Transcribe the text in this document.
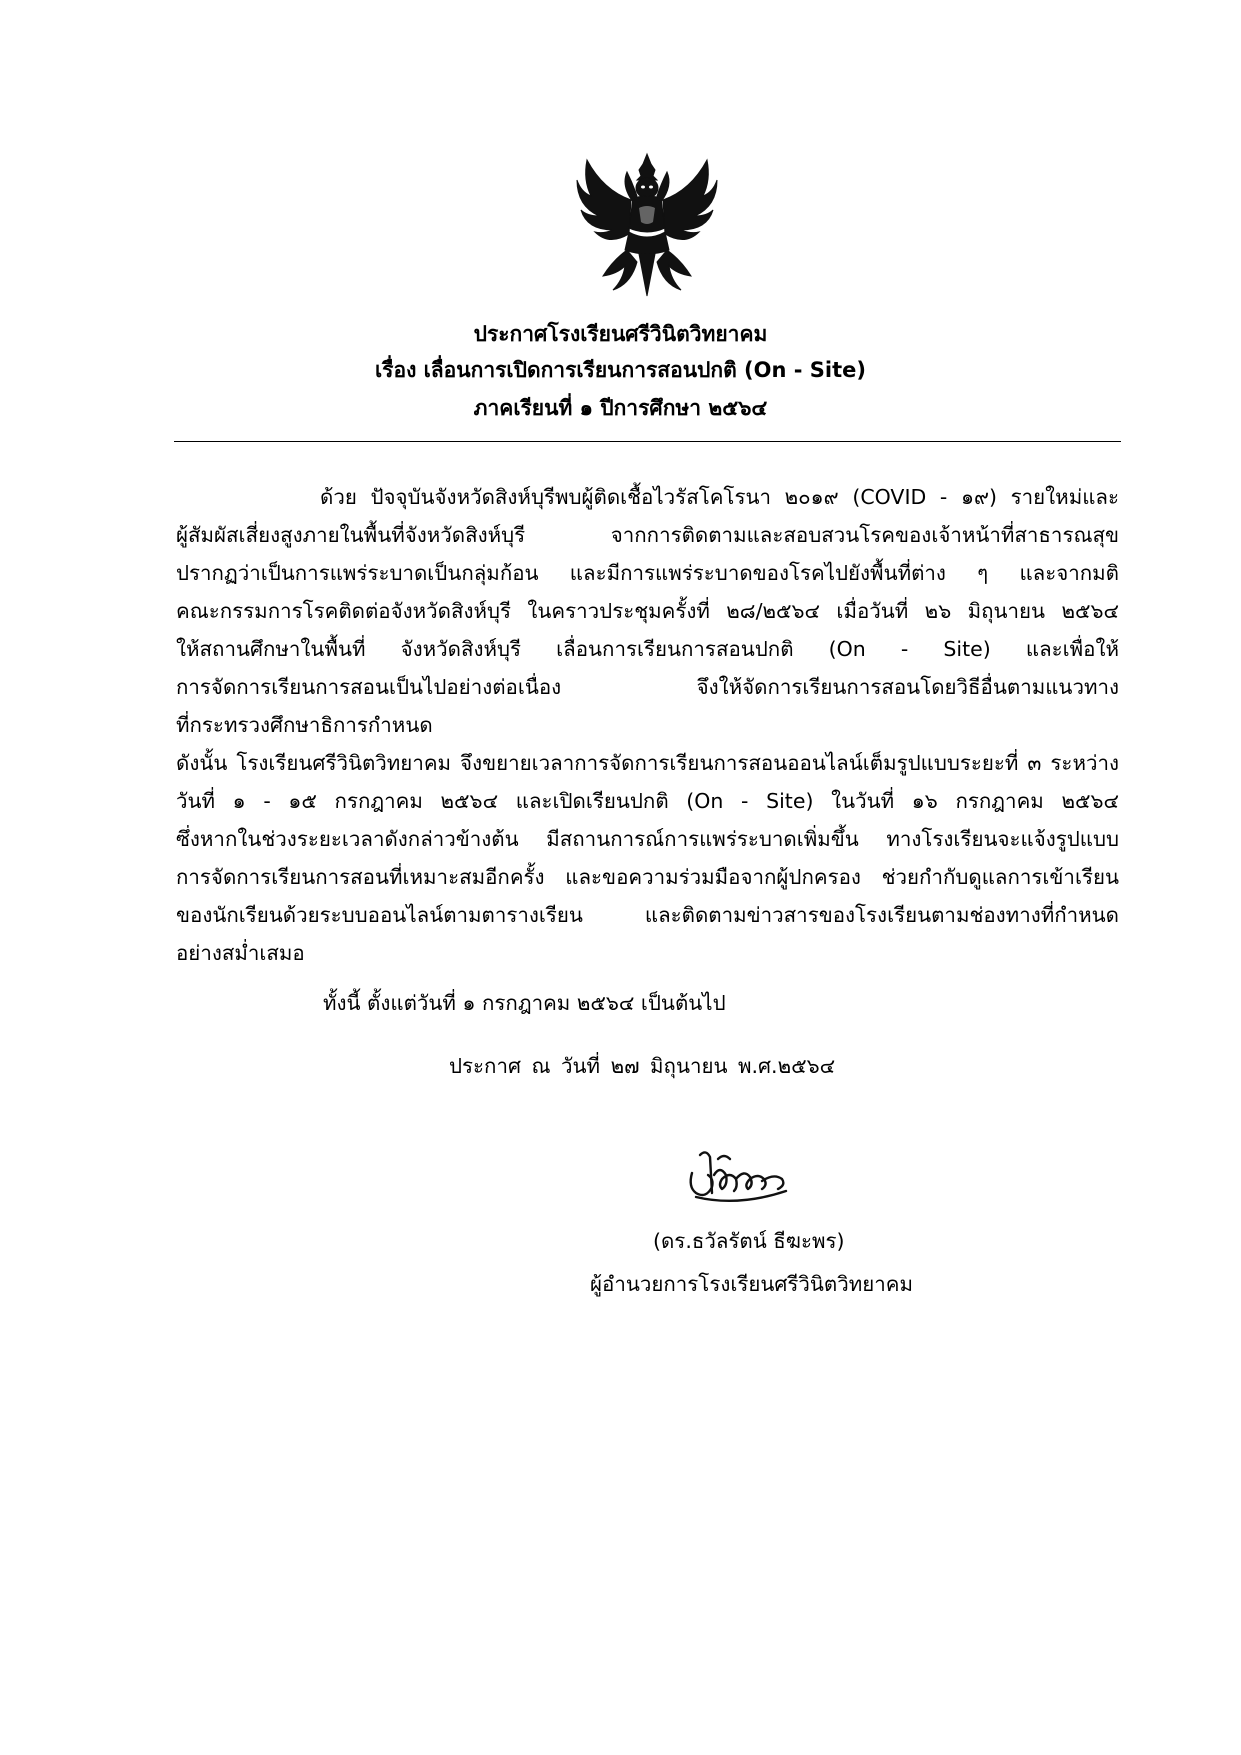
ประกาศโรงเรียนศรีวินิตวิทยาคม
เรื่อง เลื่อนการเปิดการเรียนการสอนปกติ (On - Site)
ภาคเรียนที่ ๑ ปีการศึกษา ๒๕๖๔
ด้วย ปัจจุบันจังหวัดสิงห์บุรีพบผู้ติดเชื้อไวรัสโคโรนา ๒๐๑๙ (COVID - ๑๙) รายใหม่และ
ผู้สัมผัสเสี่ยงสูงภายในพื้นที่จังหวัดสิงห์บุรี จากการติดตามและสอบสวนโรคของเจ้าหน้าที่สาธารณสุข
ปรากฏว่าเป็นการแพร่ระบาดเป็นกลุ่มก้อน และมีการแพร่ระบาดของโรคไปยังพื้นที่ต่าง ๆ และจากมติ
คณะกรรมการโรคติดต่อจังหวัดสิงห์บุรี ในคราวประชุมครั้งที่ ๒๘/๒๕๖๔ เมื่อวันที่ ๒๖ มิถุนายน ๒๕๖๔
ให้สถานศึกษาในพื้นที่ จังหวัดสิงห์บุรี เลื่อนการเรียนการสอนปกติ (On - Site) และเพื่อให้
การจัดการเรียนการสอนเป็นไปอย่างต่อเนื่อง จึงให้จัดการเรียนการสอนโดยวิธีอื่นตามแนวทาง
ที่กระทรวงศึกษาธิการกำหนด
ดังนั้น โรงเรียนศรีวินิตวิทยาคม จึงขยายเวลาการจัดการเรียนการสอนออนไลน์เต็มรูปแบบระยะที่ ๓ ระหว่าง
วันที่ ๑ - ๑๕ กรกฎาคม ๒๕๖๔ และเปิดเรียนปกติ (On - Site) ในวันที่ ๑๖ กรกฎาคม ๒๕๖๔
ซึ่งหากในช่วงระยะเวลาดังกล่าวข้างต้น มีสถานการณ์การแพร่ระบาดเพิ่มขึ้น ทางโรงเรียนจะแจ้งรูปแบบ
การจัดการเรียนการสอนที่เหมาะสมอีกครั้ง และขอความร่วมมือจากผู้ปกครอง ช่วยกำกับดูแลการเข้าเรียน
ของนักเรียนด้วยระบบออนไลน์ตามตารางเรียน และติดตามข่าวสารของโรงเรียนตามช่องทางที่กำหนด
อย่างสม่ำเสมอ
ทั้งนี้ ตั้งแต่วันที่ ๑ กรกฎาคม ๒๕๖๔ เป็นต้นไป
ประกาศ ณ วันที่ ๒๗ มิถุนายน พ.ศ.๒๕๖๔
(ดร.ธวัลรัตน์ ธีฆะพร)
ผู้อำนวยการโรงเรียนศรีวินิตวิทยาคม
